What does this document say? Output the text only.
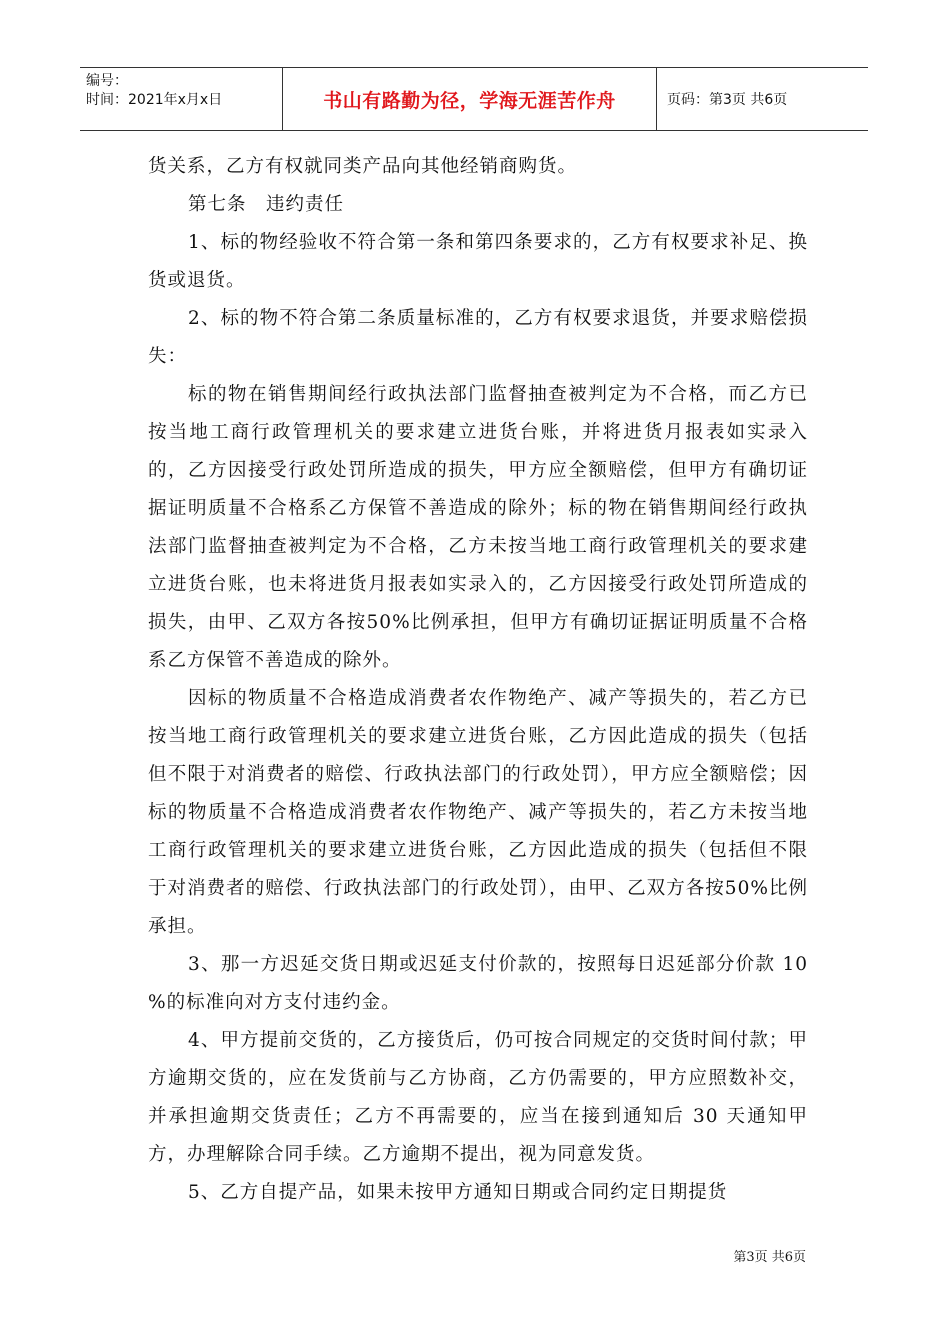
编号：
时间：2021年x月x日	书山有路勤为径，学海无涯苦作舟	页码：第3页 共6页

货关系，乙方有权就同类产品向其他经销商购货。

第七条　违约责任

1、标的物经验收不符合第一条和第四条要求的，乙方有权要求补足、换货或退货。

2、标的物不符合第二条质量标准的，乙方有权要求退货，并要求赔偿损失：

标的物在销售期间经行政执法部门监督抽查被判定为不合格，而乙方已按当地工商行政管理机关的要求建立进货台账，并将进货月报表如实录入的，乙方因接受行政处罚所造成的损失，甲方应全额赔偿，但甲方有确切证据证明质量不合格系乙方保管不善造成的除外；标的物在销售期间经行政执法部门监督抽查被判定为不合格，乙方未按当地工商行政管理机关的要求建立进货台账，也未将进货月报表如实录入的，乙方因接受行政处罚所造成的损失，由甲、乙双方各按50%比例承担，但甲方有确切证据证明质量不合格系乙方保管不善造成的除外。

因标的物质量不合格造成消费者农作物绝产、减产等损失的，若乙方已按当地工商行政管理机关的要求建立进货台账，乙方因此造成的损失（包括但不限于对消费者的赔偿、行政执法部门的行政处罚），甲方应全额赔偿；因标的物质量不合格造成消费者农作物绝产、减产等损失的，若乙方未按当地工商行政管理机关的要求建立进货台账，乙方因此造成的损失（包括但不限于对消费者的赔偿、行政执法部门的行政处罚），由甲、乙双方各按50%比例承担。

3、那一方迟延交货日期或迟延支付价款的，按照每日迟延部分价款 10 %的标准向对方支付违约金。

4、甲方提前交货的，乙方接货后，仍可按合同规定的交货时间付款；甲方逾期交货的，应在发货前与乙方协商，乙方仍需要的，甲方应照数补交，并承担逾期交货责任；乙方不再需要的，应当在接到通知后 30 天通知甲方，办理解除合同手续。乙方逾期不提出，视为同意发货。

5、乙方自提产品，如果未按甲方通知日期或合同约定日期提货

第3页 共6页
